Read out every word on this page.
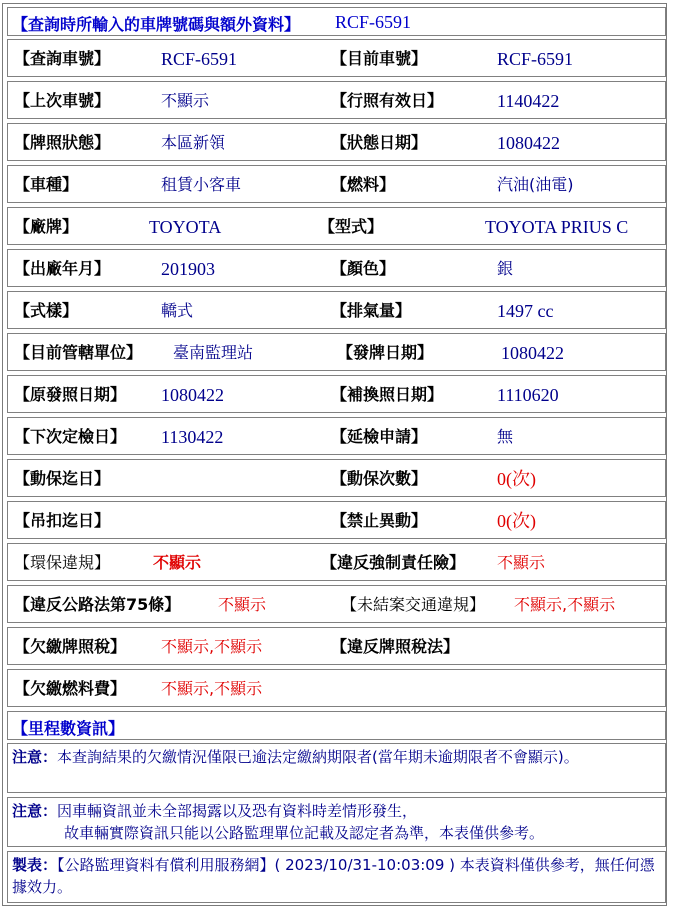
【查詢時所輸入的車牌號碼與額外資料】 RCF-6591
【查詢車號】	RCF-6591	【目前車號】	RCF-6591
【上次車號】	不顯示	【行照有效日】	1140422
【牌照狀態】	本區新領	【狀態日期】	1080422
【車種】	租賃小客車	【燃料】	汽油(油電)
【廠牌】	TOYOTA	【型式】	TOYOTA PRIUS C
【出廠年月】	201903	【顏色】	銀
【式樣】	轎式	【排氣量】	1497 cc
【目前管轄單位】 臺南監理站	【發牌日期】	1080422
【原發照日期】 1080422	【補換照日期】	1110620
【下次定檢日】 1130422	【延檢申請】	無
【動保迄日】	【動保次數】	0(次)
【吊扣迄日】	【禁止異動】	0(次)
【環保違規】	不顯示	【違反強制責任險】 不顯示
【違反公路法第75條】 不顯示	【未結案交通違規】 不顯示,不顯示
【欠繳牌照稅】 不顯示,不顯示	【違反牌照稅法】
【欠繳燃料費】 不顯示,不顯示
【里程數資訊】
注意：本查詢結果的欠繳情況僅限已逾法定繳納期限者(當年期未逾期限者不會顯示)。
注意：因車輛資訊並未全部揭露以及恐有資料時差情形發生，
故車輛實際資訊只能以公路監理單位記載及認定者為準，本表僅供參考。
製表：【公路監理資料有償利用服務網】( 2023/10/31-10:03:09 ) 本表資料僅供參考，無任何憑據效力。
